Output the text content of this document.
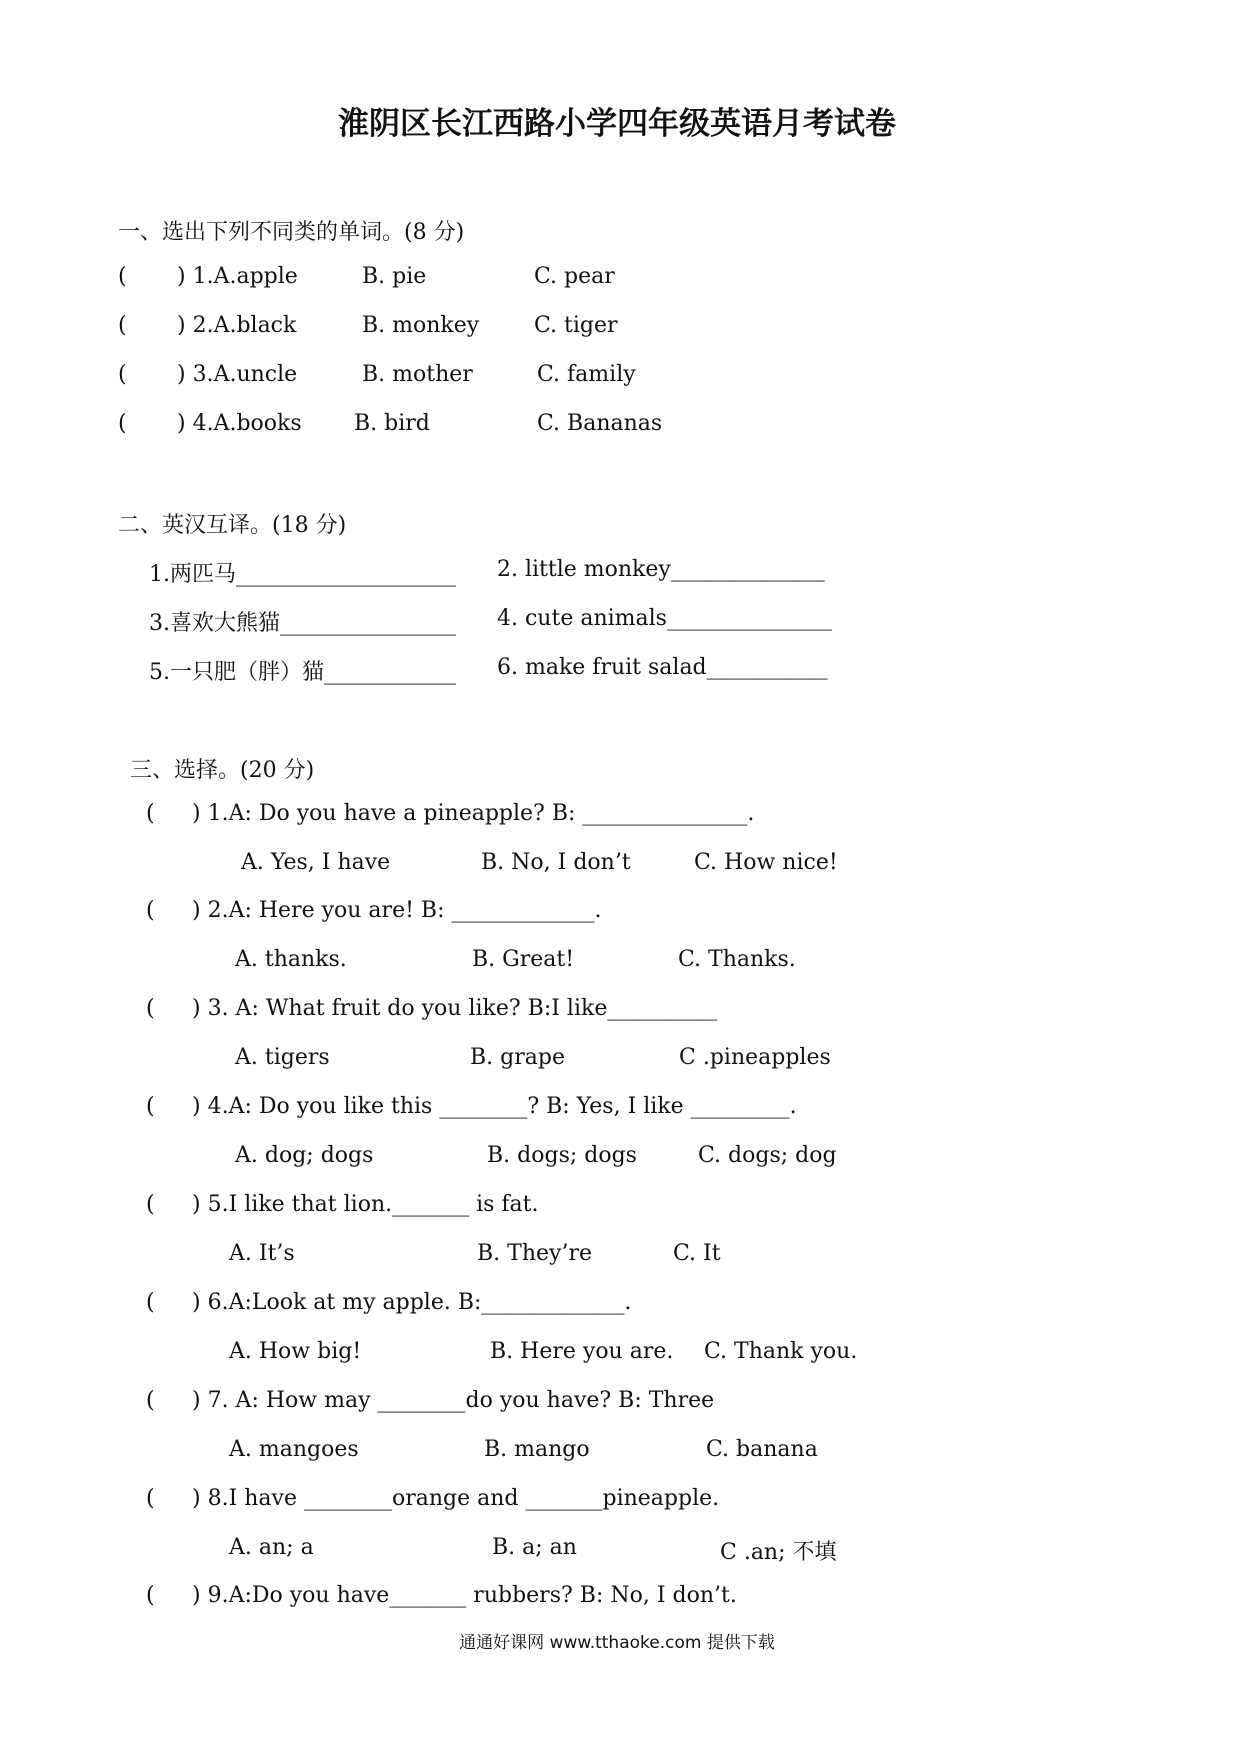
淮阴区长江西路小学四年级英语月考试卷
一、选出下列不同类的单词。(8 分)
( ) 1.A.apple	B. pie	C. pear
( ) 2.A.black	B. monkey C. tiger
( ) 3.A.uncle	B. mother	C. family
( ) 4.A.books B. bird	C. Bananas
二、英汉互译。(18 分)
1.两匹马____________________ 2. little monkey______________
3.喜欢大熊猫________________ 4. cute animals_______________
5.一只肥（胖）猫____________ 6. make fruit salad___________
三、选择。(20 分)
( ) 1.A: Do you have a pineapple? B: _______________.
A. Yes, I have	B. No, I don’t	C. How nice!
( ) 2.A: Here you are! B: _____________.
A. thanks.	B. Great!	C. Thanks.
( ) 3. A: What fruit do you like? B:I like__________
A. tigers	B. grape	C .pineapples
( ) 4.A: Do you like this ________? B: Yes, I like _________.
A. dog; dogs	B. dogs; dogs	C. dogs; dog
( ) 5.I like that lion._______ is fat.
A. It’s	B. They’re	C. It
( ) 6.A:Look at my apple. B:_____________.
A. How big!	B. Here you are. C. Thank you.
( ) 7. A: How may ________do you have? B: Three
A. mangoes	B. mango	C. banana
( ) 8.I have ________orange and _______pineapple.
A. an; a	B. a; an	C .an; 不填
( ) 9.A:Do you have_______ rubbers? B: No, I don’t.
通通好课网 www.tthaoke.com 提供下载
